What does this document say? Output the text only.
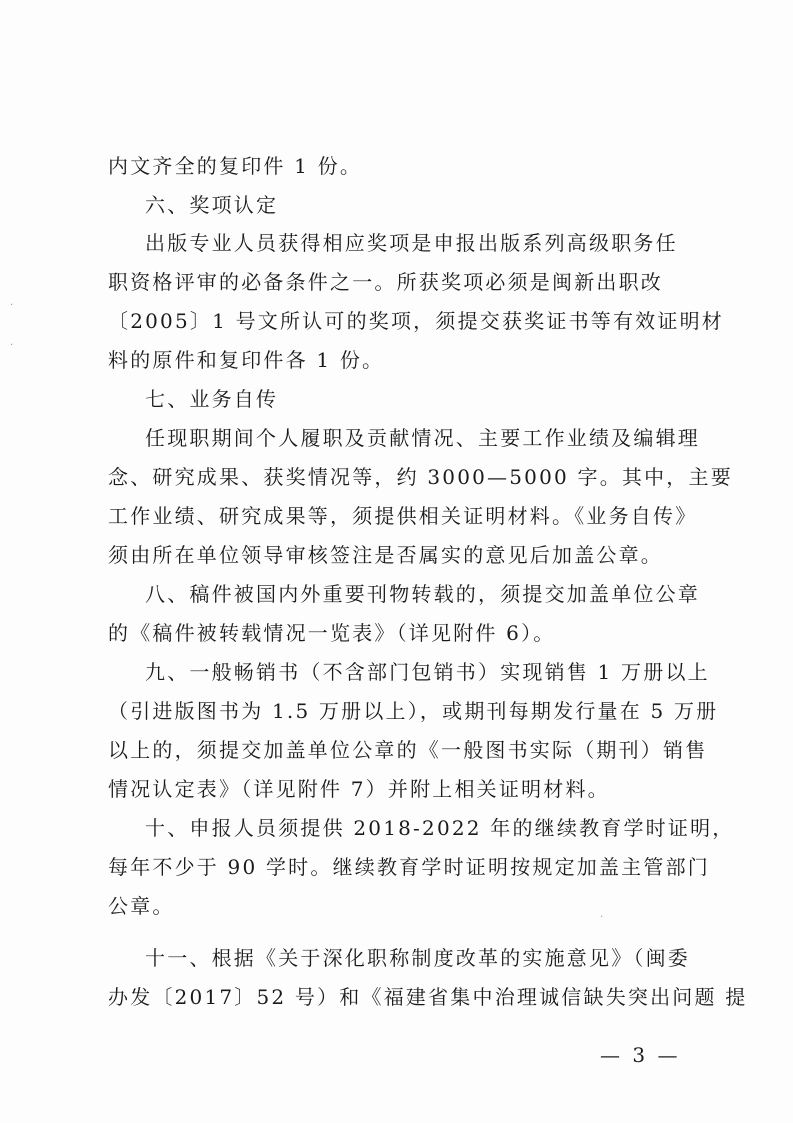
内文齐全的复印件 1 份。
六、奖项认定
出版专业人员获得相应奖项是申报出版系列高级职务任
职资格评审的必备条件之一。所获奖项必须是闽新出职改
〔2005〕1 号文所认可的奖项，须提交获奖证书等有效证明材
料的原件和复印件各 1 份。
七、业务自传
任现职期间个人履职及贡献情况、主要工作业绩及编辑理
念、研究成果、获奖情况等，约 3000—5000 字。其中，主要
工作业绩、研究成果等，须提供相关证明材料。《业务自传》
须由所在单位领导审核签注是否属实的意见后加盖公章。
八、稿件被国内外重要刊物转载的，须提交加盖单位公章
的《稿件被转载情况一览表》（详见附件 6）。
九、一般畅销书（不含部门包销书）实现销售 1 万册以上
（引进版图书为 1.5 万册以上），或期刊每期发行量在 5 万册
以上的，须提交加盖单位公章的《一般图书实际（期刊）销售
情况认定表》（详见附件 7）并附上相关证明材料。
十、申报人员须提供 2018-2022 年的继续教育学时证明，
每年不少于 90 学时。继续教育学时证明按规定加盖主管部门
公章。
十一、根据《关于深化职称制度改革的实施意见》（闽委
办发〔2017〕52 号）和《福建省集中治理诚信缺失突出问题 提
— 3 —
·
·
·
